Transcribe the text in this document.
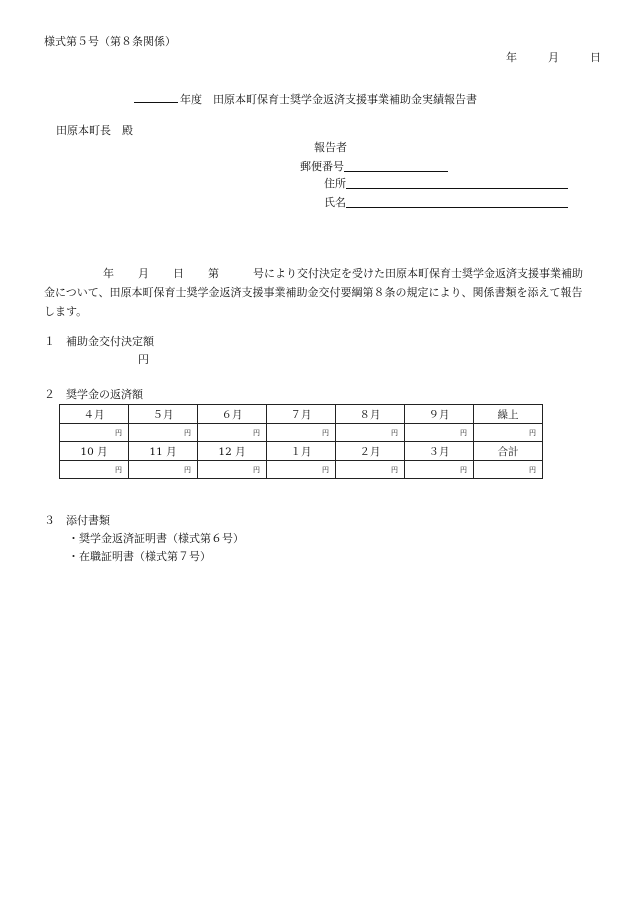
様式第５号（第８条関係）
年	月	日
年度　田原本町保育士奨学金返済支援事業補助金実績報告書
田原本町長　殿
報告者
郵便番号
住所
氏名
年 月 日 第	号により交付決定を受けた田原本町保育士奨学金返済支援事業補助金について、田原本町保育士奨学金返済支援事業補助金交付要綱第８条の規定により、関係書類を添えて報告します。
１　補助金交付決定額
円
２　奨学金の返済額
４月	５月	６月	７月	８月	９月	繰上
円	円	円	円	円	円	円
10 月	11 月	12 月	１月	２月	３月	合計
円	円	円	円	円	円	円
３　添付書類
・奨学金返済証明書（様式第６号）
・在職証明書（様式第７号）
